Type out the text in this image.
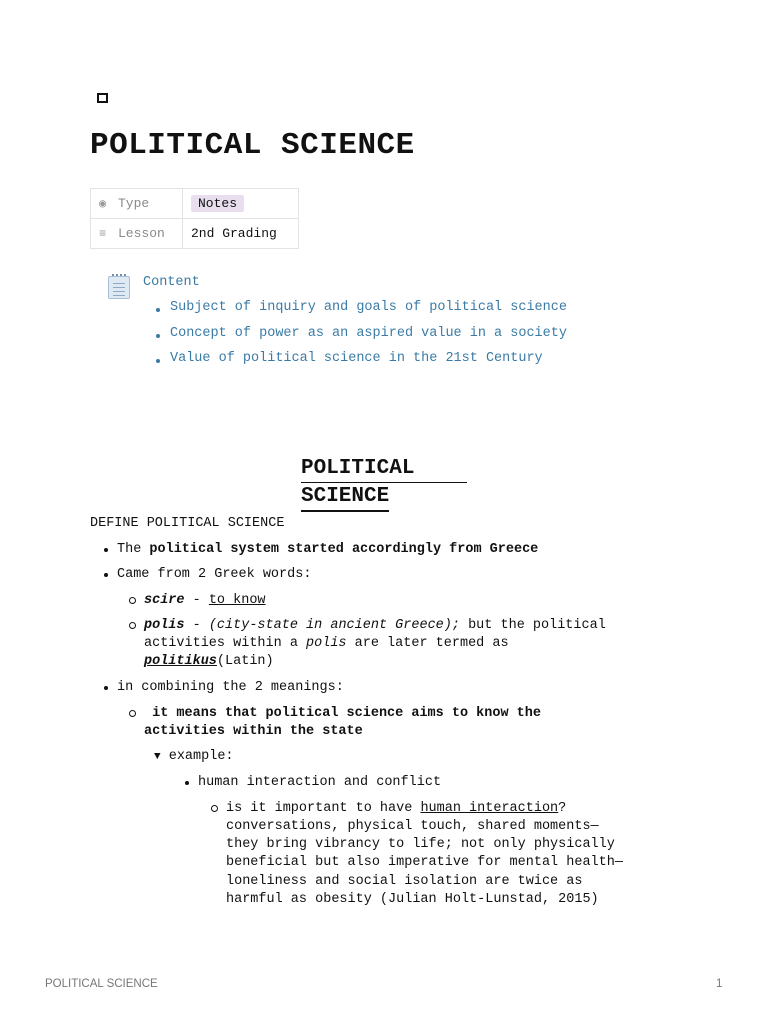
POLITICAL SCIENCE
◉ Type	Notes
≡ Lesson	2nd Grading
Content
Subject of inquiry and goals of political science
Concept of power as an aspired value in a society
Value of political science in the 21st Century
POLITICAL
SCIENCE

DEFINE POLITICAL SCIENCE

The political system started accordingly from Greece

Came from 2 Greek words:

scire - to know

polis - (city-state in ancient Greece); but the political

activities within a polis are later termed as

politikus(Latin)

in combining the 2 meanings:

it means that political science aims to know the

activities within the state

▼ example:

human interaction and conflict

is it important to have human interaction?

conversations, physical touch, shared moments—

they bring vibrancy to life; not only physically

beneficial but also imperative for mental health—

loneliness and social isolation are twice as

harmful as obesity (Julian Holt-Lunstad, 2015)

POLITICAL SCIENCE	1
